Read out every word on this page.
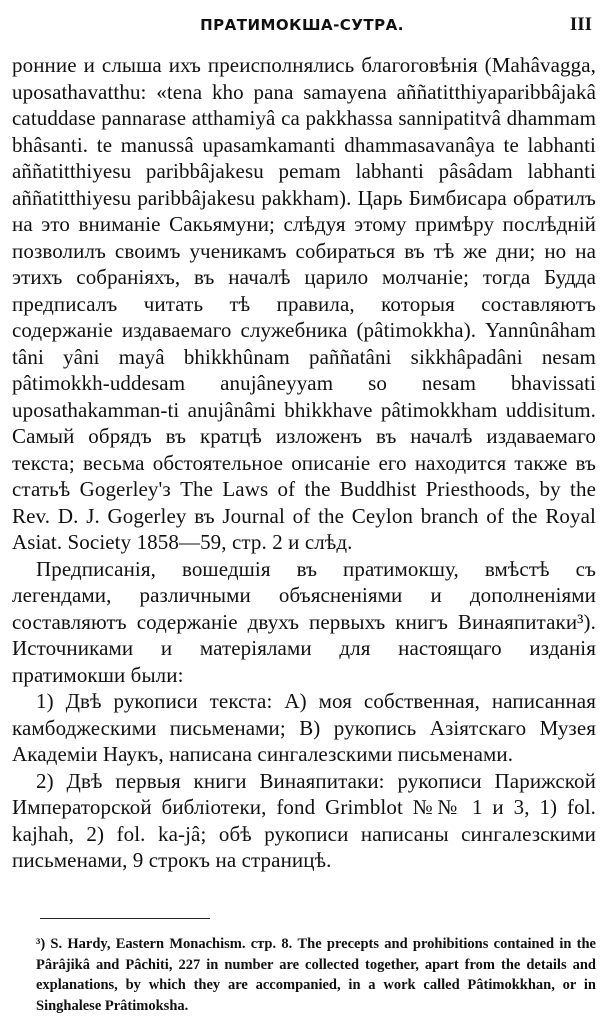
ПРАТИМОКША-СУТРА.	III

ронние и слыша ихъ преисполнялись благоговѣнія (Mahâvagga, uposathavatthu: «tena kho pana samayena aññatitthiyaparibbâjakâ catuddase pannarase atthamiyâ ca pakkhassa sannipatitvâ dhammam bhâsanti. te manussâ upasamkamanti dhammasavanâya te labhanti aññatitthiyesu paribbâjakesu pemam labhanti pâsâdam labhanti aññatitthiyesu paribbâjakesu pakkham). Царь Бимбисара обратилъ на это вниманіе Сакьямуни; слѣдуя этому примѣру послѣдній позволилъ своимъ ученикамъ собираться въ тѣ же дни; но на этихъ собраніяхъ, въ началѣ царило молчаніе; тогда Будда предписалъ читать тѣ правила, которыя составляютъ содержаніе издаваемаго служебника (pâtimokkha). Yannûnâham tâni yâni mayâ bhikkhûnam paññatâni sikkhâpadâni nesam pâtimokkh-uddesam anujâneyyam so nesam bhavissati uposathakamman-ti anujânâmi bhikkhave pâtimokkham uddisitum. Самый обрядъ въ кратцѣ изложенъ въ началѣ издаваемаго текста; весьма обстоятельное описаніе его находится также въ статьѣ Gogerley'з The Laws of the Buddhist Priesthoods, by the Rev. D. J. Gogerley въ Journal of the Ceylon branch of the Royal Asiat. Society 1858—59, стр. 2 и слѣд.

Предписанія, вошедшія въ пратимокшу, вмѣстѣ съ легендами, различными объясненіями и дополненіями составляютъ содержаніе двухъ первыхъ книгъ Винаяпитаки³). Источниками и матеріялами для настоящаго изданія пратимокши были:

1) Двѣ рукописи текста: А) моя собственная, написанная камбоджескими письменами; В) рукопись Азіятскаго Музея Академіи Наукъ, написана сингалезскими письменами.

2) Двѣ первыя книги Винаяпитаки: рукописи Парижской Императорской библіотеки, fond Grimblot №№ 1 и 3, 1) fol. kajhah, 2) fol. ka-jâ; обѣ рукописи написаны сингалезскими письменами, 9 строкъ на страницѣ.

³) S. Hardy, Eastern Monachism. стр. 8. The precepts and prohibitions contained in the Pârâjikâ and Pâchiti, 227 in number are collected together, apart from the details and explanations, by which they are accompanied, in a work called Pâtimokkhan, or in Singhalese Prâtimoksha.
